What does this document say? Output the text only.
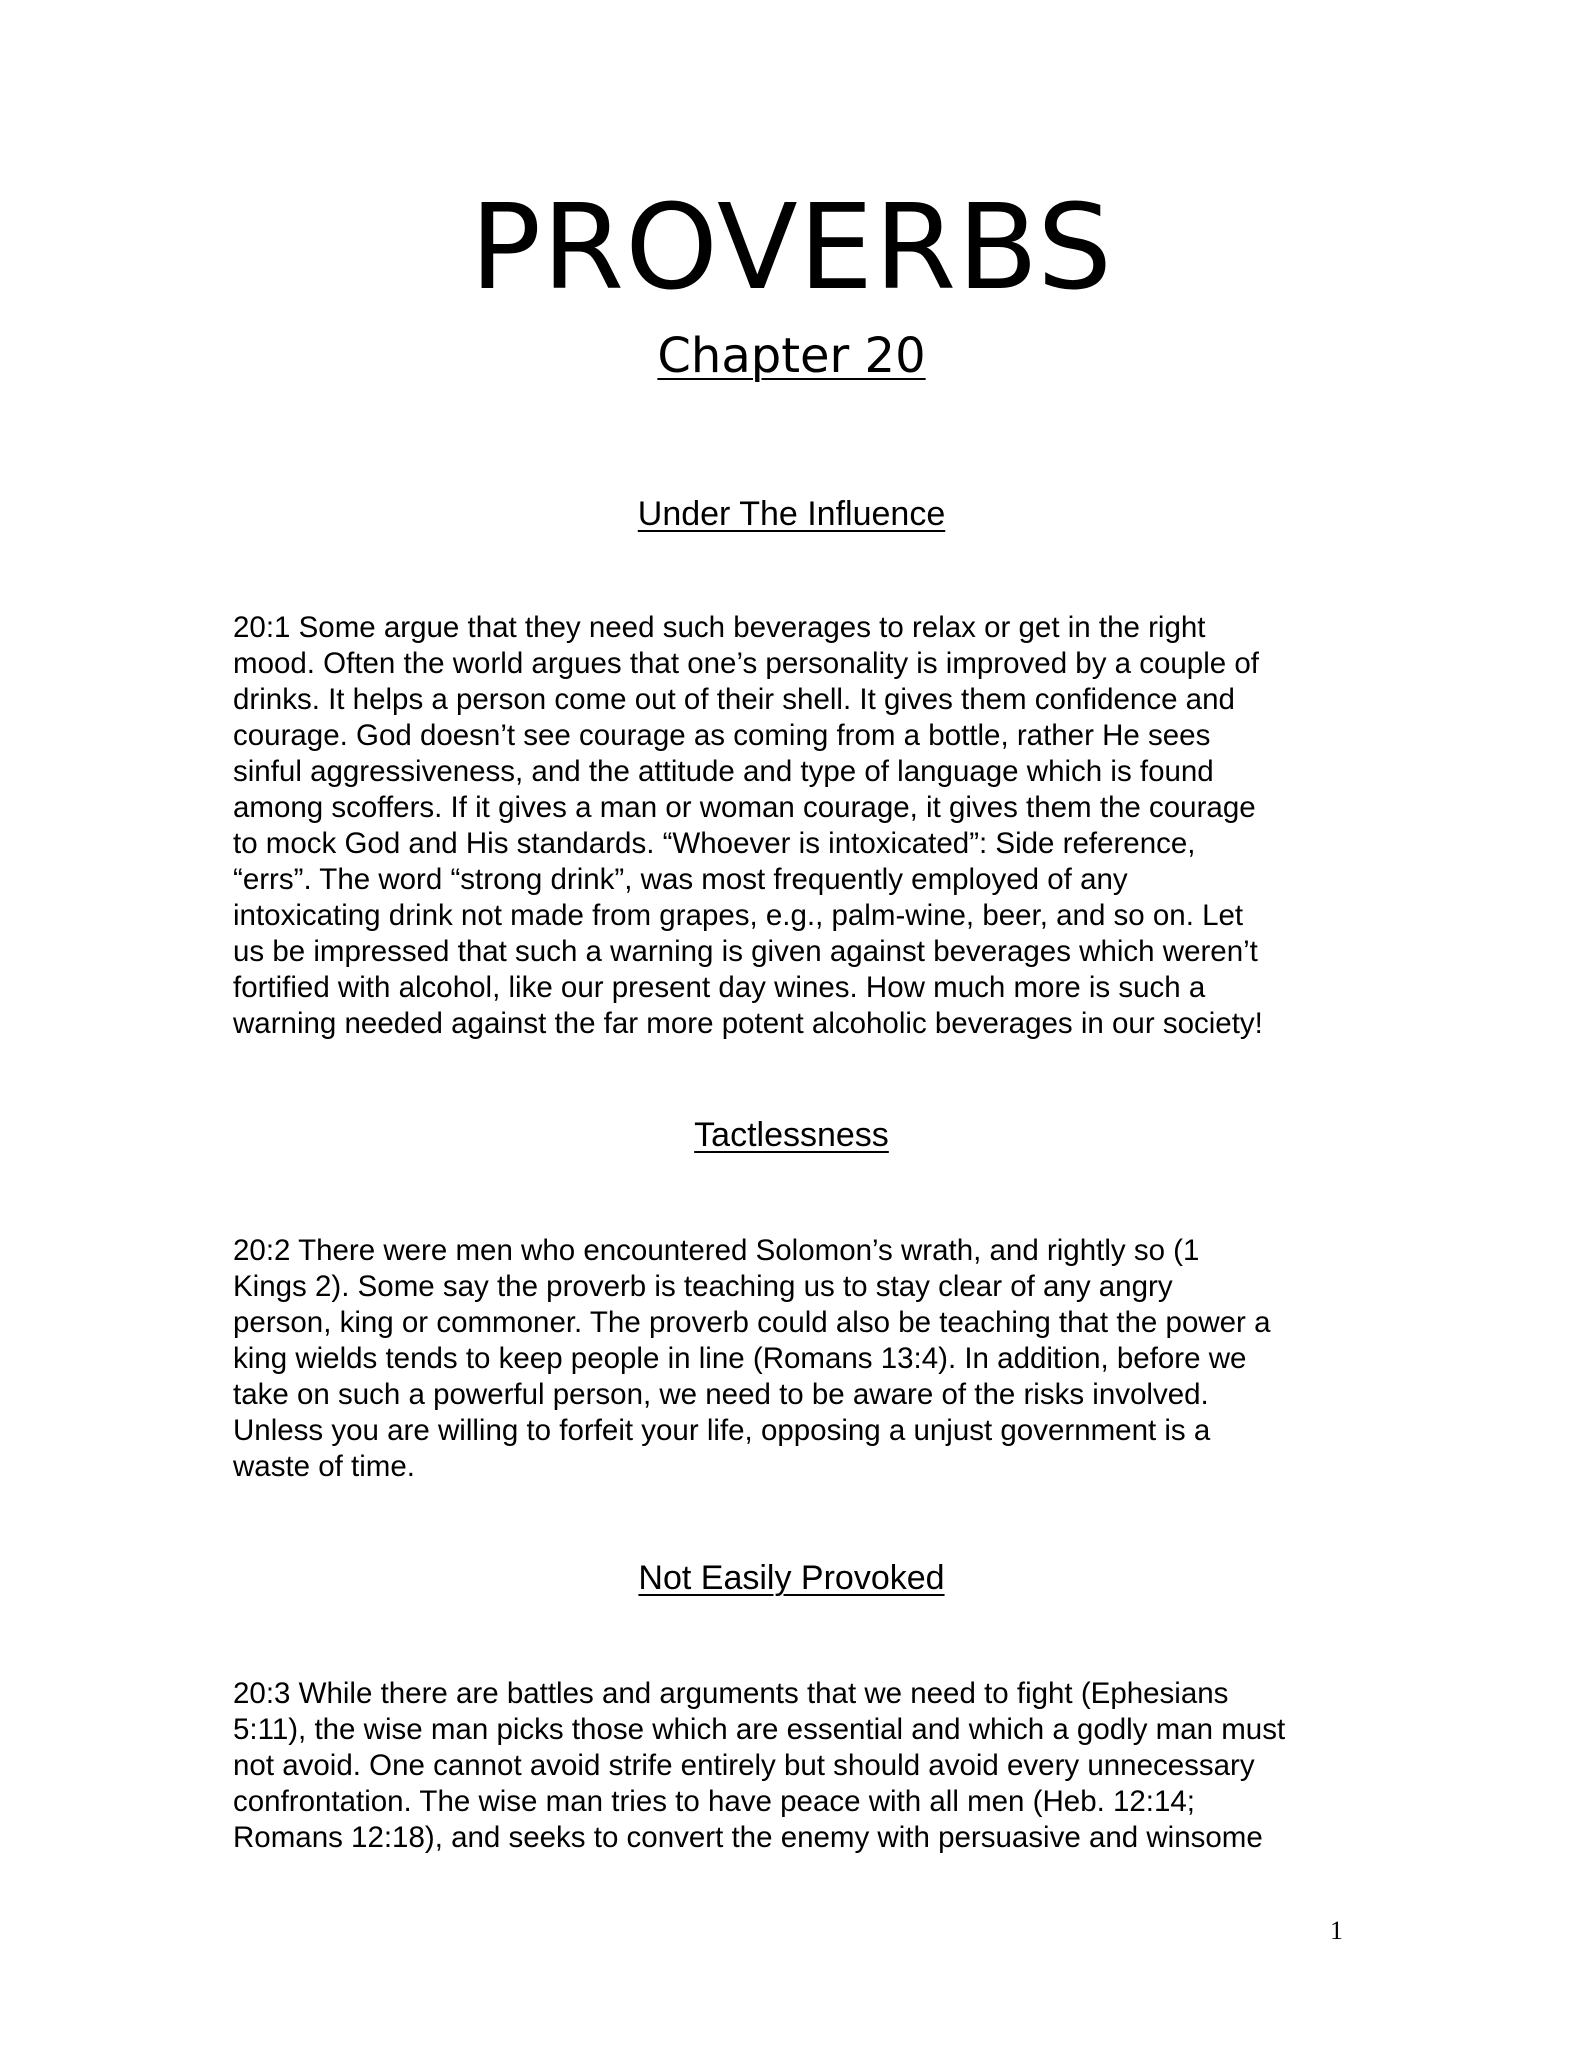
PROVERBS
Chapter 20
Under The Influence

20:1 Some argue that they need such beverages to relax or get in the right
mood. Often the world argues that one’s personality is improved by a couple of
drinks. It helps a person come out of their shell. It gives them confidence and
courage. God doesn’t see courage as coming from a bottle, rather He sees
sinful aggressiveness, and the attitude and type of language which is found
among scoffers. If it gives a man or woman courage, it gives them the courage
to mock God and His standards. “Whoever is intoxicated”: Side reference,
“errs”. The word “strong drink”, was most frequently employed of any
intoxicating drink not made from grapes, e.g., palm-wine, beer, and so on. Let
us be impressed that such a warning is given against beverages which weren’t
fortified with alcohol, like our present day wines. How much more is such a
warning needed against the far more potent alcoholic beverages in our society!

Tactlessness

20:2 There were men who encountered Solomon’s wrath, and rightly so (1
Kings 2). Some say the proverb is teaching us to stay clear of any angry
person, king or commoner. The proverb could also be teaching that the power a
king wields tends to keep people in line (Romans 13:4). In addition, before we
take on such a powerful person, we need to be aware of the risks involved.
Unless you are willing to forfeit your life, opposing a unjust government is a
waste of time.

Not Easily Provoked

20:3 While there are battles and arguments that we need to fight (Ephesians
5:11), the wise man picks those which are essential and which a godly man must
not avoid. One cannot avoid strife entirely but should avoid every unnecessary
confrontation. The wise man tries to have peace with all men (Heb. 12:14;
Romans 12:18), and seeks to convert the enemy with persuasive and winsome

1
